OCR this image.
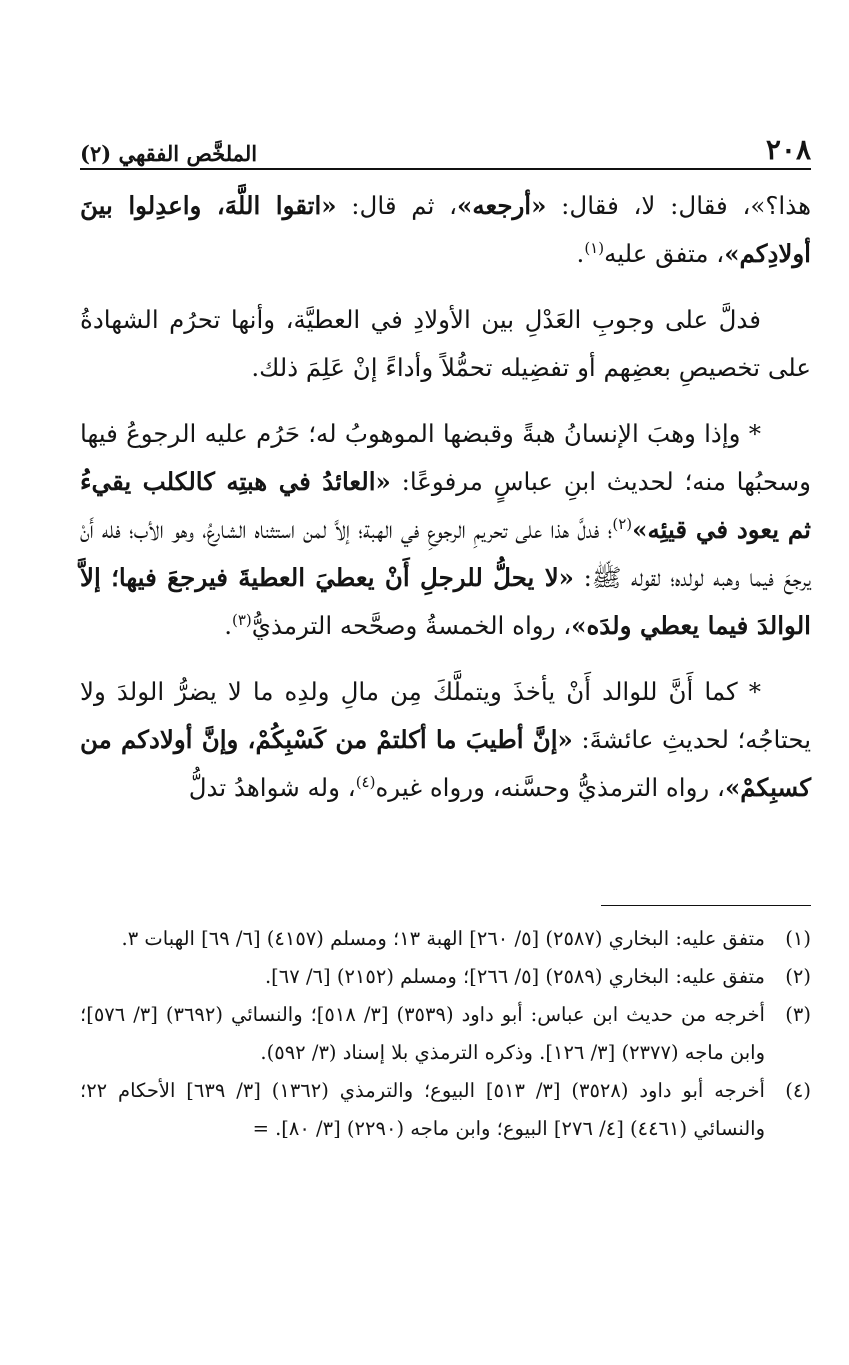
٢٠٨
الملخَّص الفقهي (٢)

هذا؟»، فقال: لا، فقال: «أرجعه»، ثم قال: «اتقوا اللَّهَ، واعدِلوا بينَ أولادِكم»، متفق عليه$^{(١)}$.

فدلَّ على وجوبِ العَدْلِ بين الأولادِ في العطيَّة، وأنها تحرُم الشهادةُ على تخصيصِ بعضِهم أو تفضِيله تحمُّلاً وأداءً إنْ عَلِمَ ذلك.

* وإذا وهبَ الإنسانُ هبةً وقبضها الموهوبُ له؛ حَرُم عليه الرجوعُ فيها وسحبُها منه؛ لحديث ابنِ عباسٍ مرفوعًا: «العائدُ في هبتِه كالكلب يقيءُ ثم يعود في قيئِه»$^{(٢)}$؛ فدلَّ هذا على تحريمِ الرجوعِ في الهبة؛ إلاَّ لمن استثناه الشارعُ، وهو الأب؛ فله أَنْ يرجعَ فيما وهبه لولده؛ لقوله ﷺ: «لا يحلُّ للرجلِ أَنْ يعطيَ العطيةَ فيرجعَ فيها؛ إلاَّ الوالدَ فيما يعطي ولدَه»، رواه الخمسةُ وصحَّحه الترمذيُّ$^{(٣)}$.

* كما أَنَّ للوالد أَنْ يأخذَ ويتملَّكَ مِن مالِ ولدِه ما لا يضرُّ الولدَ ولا يحتاجُه؛ لحديثِ عائشةَ: «إنَّ أطيبَ ما أكلتمْ من كَسْبِكُمْ، وإنَّ أولادكم من كسبِكمْ»، رواه الترمذيُّ وحسَّنه، ورواه غيره$^{(٤)}$، وله شواهدُ تدلُّ

(١)
متفق عليه: البخاري (٢٥٨٧) [٥/ ٢٦٠] الهبة ١٣؛ ومسلم (٤١٥٧) [٦/ ٦٩] الهبات ٣.
(٢)
متفق عليه: البخاري (٢٥٨٩) [٥/ ٢٦٦]؛ ومسلم (٢١٥٢) [٦/ ٦٧].
(٣)
أخرجه من حديث ابن عباس: أبو داود (٣٥٣٩) [٣/ ٥١٨]؛ والنسائي (٣٦٩٢) [٣/ ٥٧٦]؛ وابن ماجه (٢٣٧٧) [٣/ ١٢٦]. وذكره الترمذي بلا إسناد (٣/ ٥٩٢).
(٤)
أخرجه أبو داود (٣٥٢٨) [٣/ ٥١٣] البيوع؛ والترمذي (١٣٦٢) [٣/ ٦٣٩] الأحكام ٢٢؛ والنسائي (٤٤٦١) [٤/ ٢٧٦] البيوع؛ وابن ماجه (٢٢٩٠) [٣/ ٨٠]. =
